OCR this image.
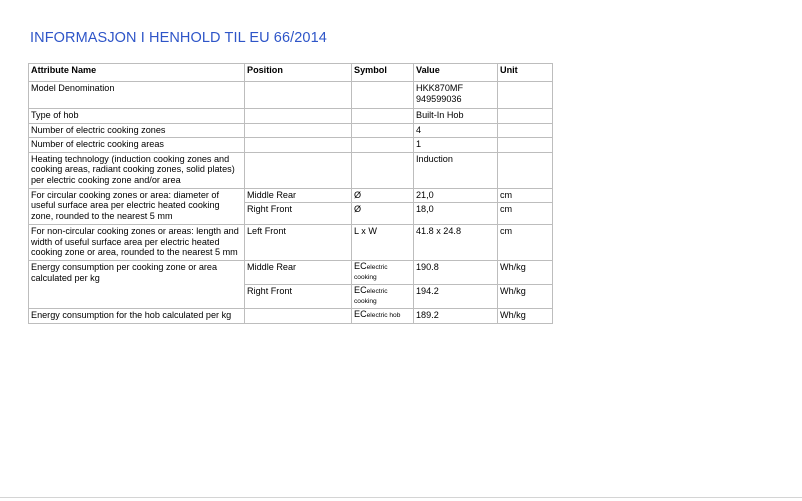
INFORMASJON I HENHOLD TIL EU 66/2014
Attribute Name	Position	Symbol	Value	Unit
Model Denomination			HKK870MF
949599036	
Type of hob			Built-In Hob	
Number of electric cooking zones			4	
Number of electric cooking areas			1	
Heating technology (induction cooking zones and cooking areas, radiant cooking zones, solid plates) per electric cooking zone and/or area			Induction	
For circular cooking zones or area: diameter of useful surface area per electric heated cooking zone, rounded to the nearest 5 mm	Middle Rear	Ø	21,0	cm
	Right Front	Ø	18,0	cm
For non-circular cooking zones or areas: length and width of useful surface area per electric heated cooking zone or area, rounded to the nearest 5 mm	Left Front	L x W	41.8 x 24.8	cm
Energy consumption per cooking zone or area calculated per kg	Middle Rear	ECelectric
cooking	190.8	Wh/kg
	Right Front	ECelectric
cooking	194.2	Wh/kg
Energy consumption for the hob calculated per kg		ECelectric hob	189.2	Wh/kg
